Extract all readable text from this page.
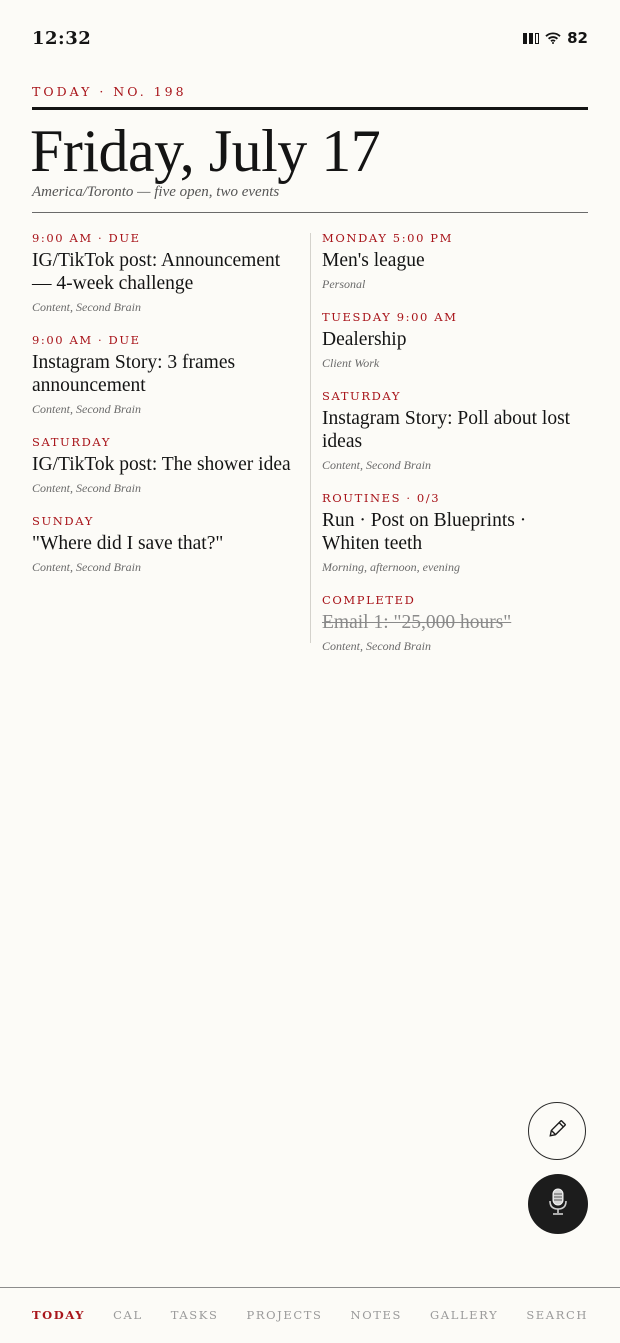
12:32	82
TODAY · NO. 198
Friday, July 17
America/Toronto — five open, two events
9:00 AM · DUE
IG/TikTok post: Announcement — 4-week challenge
Content, Second Brain
9:00 AM · DUE
Instagram Story: 3 frames announcement
Content, Second Brain
SATURDAY
IG/TikTok post: The shower idea
Content, Second Brain
SUNDAY
"Where did I save that?"
Content, Second Brain
MONDAY 5:00 PM
Men's league
Personal
TUESDAY 9:00 AM
Dealership
Client Work
SATURDAY
Instagram Story: Poll about lost ideas
Content, Second Brain
ROUTINES · 0/3
Run · Post on Blueprints · Whiten teeth
Morning, afternoon, evening
COMPLETED
Email 1: "25,000 hours"
Content, Second Brain
TODAY CAL TASKS PROJECTS NOTES GALLERY SEARCH
